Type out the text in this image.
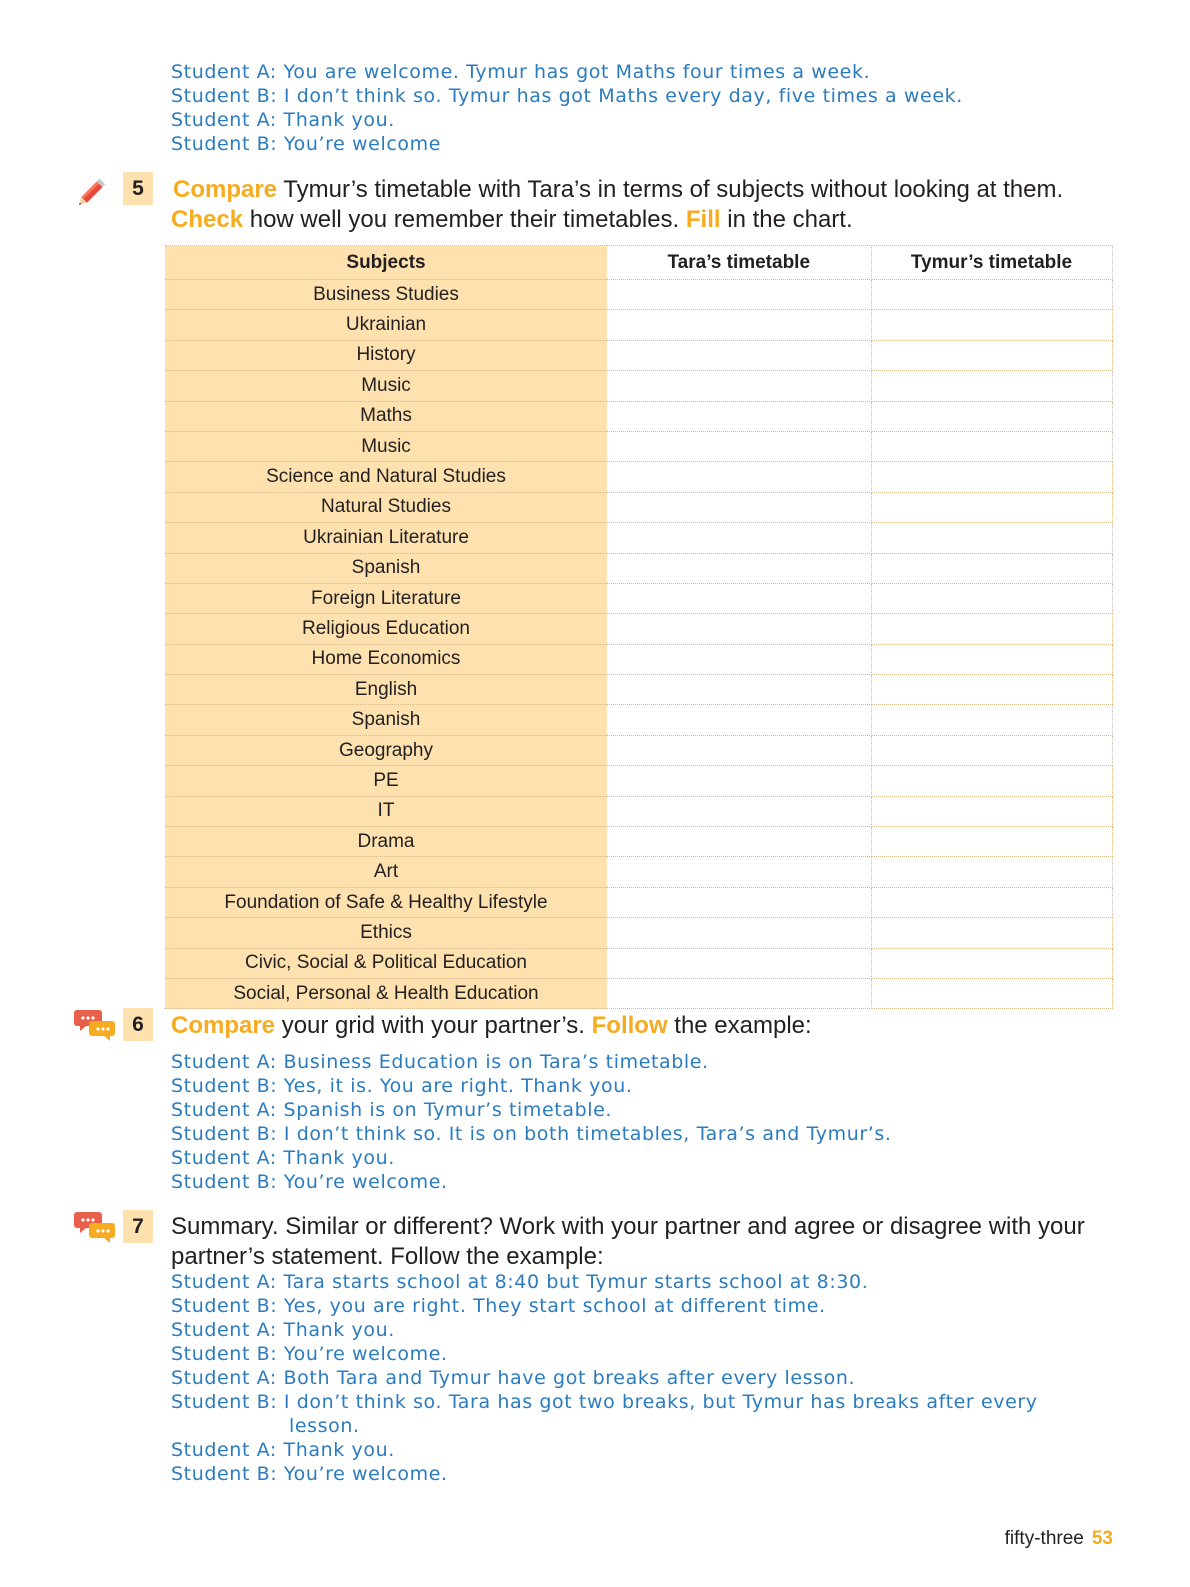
Student A: You are welcome. Tymur has got Maths four times a week.
Student B: I don’t think so. Tymur has got Maths every day, five times a week.
Student A: Thank you.
Student B: You’re welcome
5	Compare Tymur’s timetable with Tara’s in terms of subjects without looking at them. Check how well you remember their timetables. Fill in the chart.
Subjects	Tara’s timetable	Tymur’s timetable
Business Studies		
Ukrainian		
History		
Music		
Maths		
Music		
Science and Natural Studies		
Natural Studies		
Ukrainian Literature		
Spanish		
Foreign Literature		
Religious Education		
Home Economics		
English		
Spanish		
Geography		
PE		
IT		
Drama		
Art		
Foundation of Safe & Healthy Lifestyle		
Ethics		
Civic, Social & Political Education		
Social, Personal & Health Education		
6	Compare your grid with your partner’s. Follow the example:
Student A: Business Education is on Tara’s timetable.
Student B: Yes, it is. You are right. Thank you.
Student A: Spanish is on Tymur’s timetable.
Student B: I don’t think so. It is on both timetables, Tara’s and Tymur’s.
Student A: Thank you.
Student B: You’re welcome.
7	Summary. Similar or different? Work with your partner and agree or disagree with your partner’s statement. Follow the example:
Student A: Tara starts school at 8:40 but Tymur starts school at 8:30.
Student B: Yes, you are right. They start school at different time.
Student A: Thank you.
Student B: You’re welcome.
Student A: Both Tara and Tymur have got breaks after every lesson.
Student B: I don’t think so. Tara has got two breaks, but Tymur has breaks after every
lesson.
Student A: Thank you.
Student B: You’re welcome.
fifty-three 53
